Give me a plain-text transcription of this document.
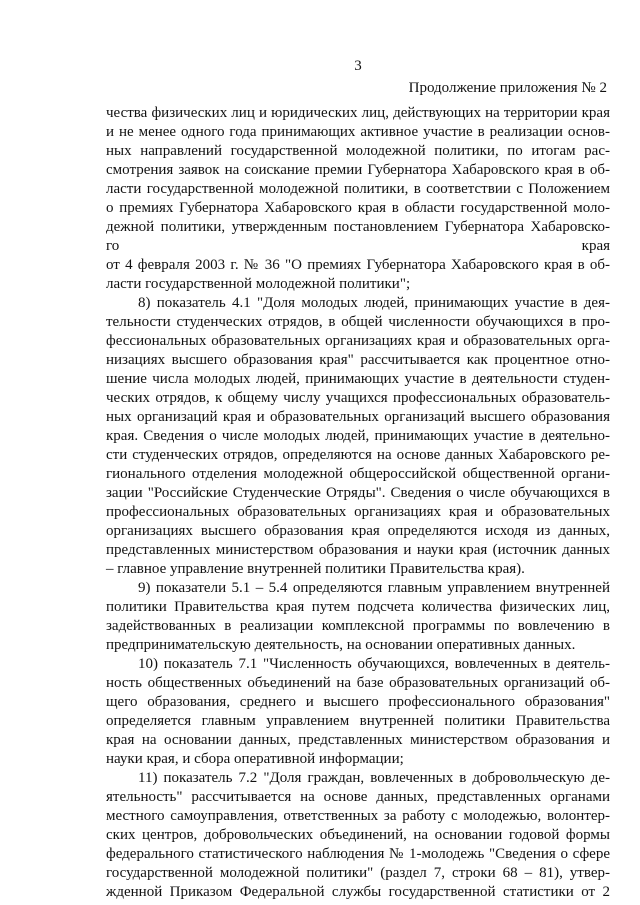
3
Продолжение приложения № 2
чества физических лиц и юридических лиц, действующих на территории края
и не менее одного года принимающих активное участие в реализации основ-
ных направлений государственной молодежной политики, по итогам рас-
смотрения заявок на соискание премии Губернатора Хабаровского края в об-
ласти государственной молодежной политики, в соответствии с Положением
о премиях Губернатора Хабаровского края в области государственной моло-
дежной политики, утвержденным постановлением Губернатора Хабаровско-
го края
от 4 февраля 2003 г. № 36 "О премиях Губернатора Хабаровского края в об-
ласти государственной молодежной политики";
8) показатель 4.1 "Доля молодых людей, принимающих участие в дея-
тельности студенческих отрядов, в общей численности обучающихся в про-
фессиональных образовательных организациях края и образовательных орга-
низациях высшего образования края" рассчитывается как процентное отно-
шение числа молодых людей, принимающих участие в деятельности студен-
ческих отрядов, к общему числу учащихся профессиональных образователь-
ных организаций края и образовательных организаций высшего образования
края. Сведения о числе молодых людей, принимающих участие в деятельно-
сти студенческих отрядов, определяются на основе данных Хабаровского ре-
гионального отделения молодежной общероссийской общественной органи-
зации "Российские Студенческие Отряды". Сведения о числе обучающихся в
профессиональных образовательных организациях края и образовательных
организациях высшего образования края определяются исходя из данных,
представленных министерством образования и науки края (источник данных
– главное управление внутренней политики Правительства края).
9) показатели 5.1 – 5.4 определяются главным управлением внутренней
политики Правительства края путем подсчета количества физических лиц,
задействованных в реализации комплексной программы по вовлечению в
предпринимательскую деятельность, на основании оперативных данных.
10) показатель 7.1 "Численность обучающихся, вовлеченных в деятель-
ность общественных объединений на базе образовательных организаций об-
щего образования, среднего и высшего профессионального образования"
определяется главным управлением внутренней политики Правительства
края на основании данных, представленных министерством образования и
науки края, и сбора оперативной информации;
11) показатель 7.2 "Доля граждан, вовлеченных в добровольческую де-
ятельность" рассчитывается на основе данных, представленных органами
местного самоуправления, ответственных за работу с молодежью, волонтер-
ских центров, добровольческих объединений, на основании годовой формы
федерального статистического наблюдения № 1-молодежь "Сведения о сфере
государственной молодежной политики" (раздел 7, строки 68 – 81), утвер-
жденной Приказом Федеральной службы государственной статистики от 2
